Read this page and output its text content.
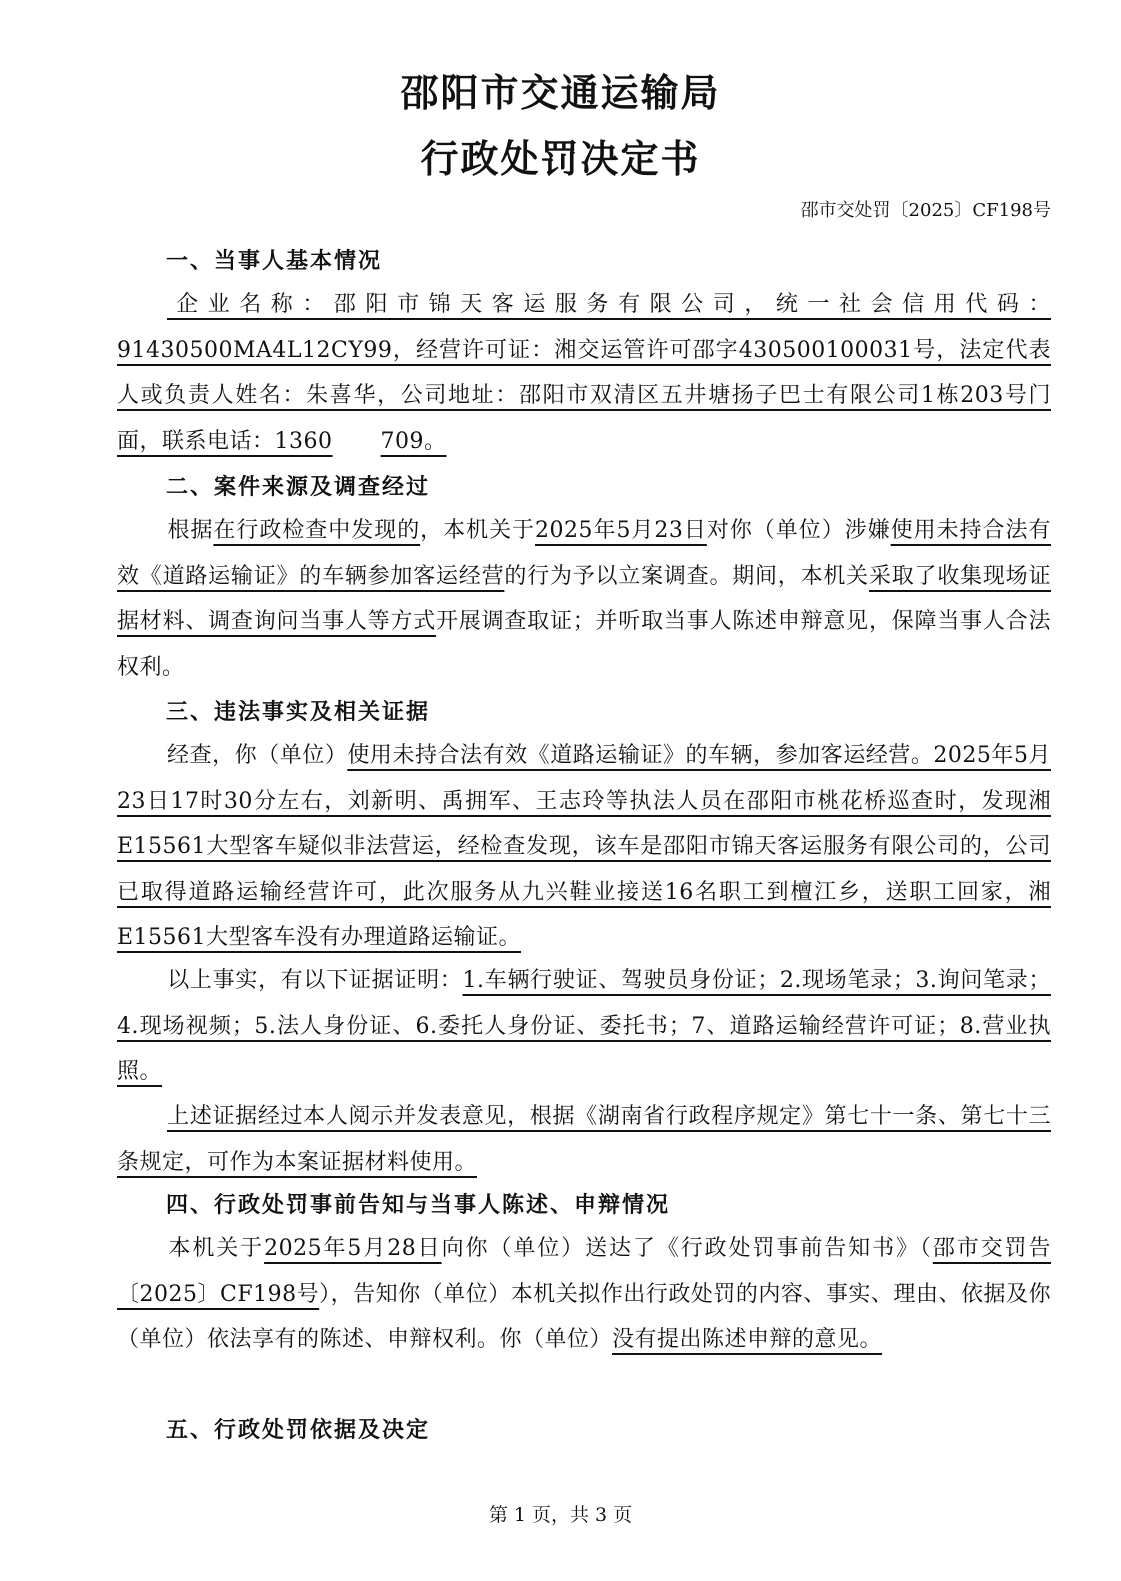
邵阳市交通运输局
行政处罚决定书
邵市交处罚〔2025〕CF198号
一、当事人基本情况
企业名称：邵阳市锦天客运服务有限公司，统一社会信用代码：91430500MA4L12CY99，经营许可证：湘交运管许可邵字430500100031号，法定代表人或负责人姓名：朱喜华，公司地址：邵阳市双清区五井塘扬子巴士有限公司1栋203号门面，联系电话：1360 709。
二、案件来源及调查经过
根据在行政检查中发现的，本机关于2025年5月23日对你（单位）涉嫌使用未持合法有效《道路运输证》的车辆参加客运经营的行为予以立案调查。期间，本机关采取了收集现场证据材料、调查询问当事人等方式开展调查取证；并听取当事人陈述申辩意见，保障当事人合法权利。
三、违法事实及相关证据
经查，你（单位）使用未持合法有效《道路运输证》的车辆，参加客运经营。2025年5月23日17时30分左右，刘新明、禹拥军、王志玲等执法人员在邵阳市桃花桥巡查时，发现湘E15561大型客车疑似非法营运，经检查发现，该车是邵阳市锦天客运服务有限公司的，公司已取得道路运输经营许可，此次服务从九兴鞋业接送16名职工到檀江乡，送职工回家，湘E15561大型客车没有办理道路运输证。
以上事实，有以下证据证明：1.车辆行驶证、驾驶员身份证；2.现场笔录；3.询问笔录；4.现场视频；5.法人身份证、6.委托人身份证、委托书；7、道路运输经营许可证；8.营业执照。
上述证据经过本人阅示并发表意见，根据《湖南省行政程序规定》第七十一条、第七十三条规定，可作为本案证据材料使用。
四、行政处罚事前告知与当事人陈述、申辩情况
本机关于2025年5月28日向你（单位）送达了《行政处罚事前告知书》（邵市交罚告〔2025〕CF198号），告知你（单位）本机关拟作出行政处罚的内容、事实、理由、依据及你（单位）依法享有的陈述、申辩权利。你（单位）没有提出陈述申辩的意见。
五、行政处罚依据及决定
第 1 页，共 3 页
